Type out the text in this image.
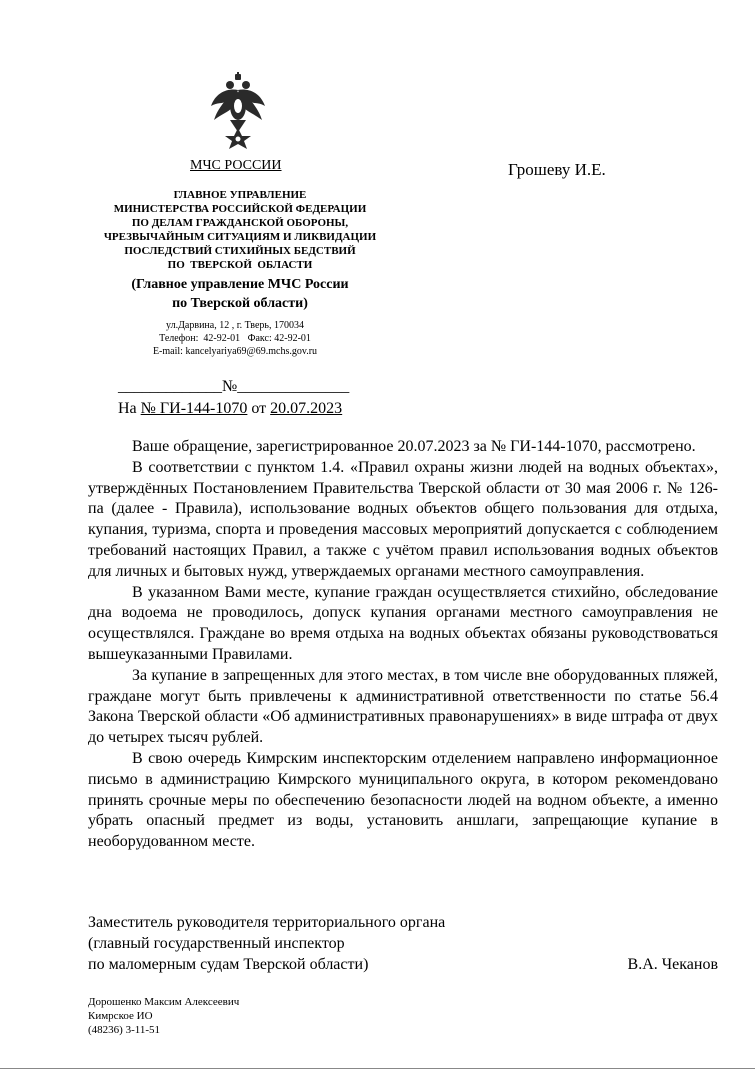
МЧС РОССИИ	Грошеву И.Е.
ГЛАВНОЕ УПРАВЛЕНИЕ
МИНИСТЕРСТВА РОССИЙСКОЙ ФЕДЕРАЦИИ
ПО ДЕЛАМ ГРАЖДАНСКОЙ ОБОРОНЫ,
ЧРЕЗВЫЧАЙНЫМ СИТУАЦИЯМ И ЛИКВИДАЦИИ
ПОСЛЕДСТВИЙ СТИХИЙНЫХ БЕДСТВИЙ
ПО  ТВЕРСКОЙ  ОБЛАСТИ
(Главное управление МЧС России
по Тверской области)
ул.Дарвина, 12 , г. Тверь, 170034
Телефон:  42-92-01   Факс: 42-92-01
E-mail: kancelyariya69@69.mchs.gov.ru
_____________№______________
На № ГИ-144-1070 от 20.07.2023

Ваше обращение, зарегистрированное 20.07.2023 за № ГИ-144-1070, рассмотрено.

В соответствии с пунктом 1.4. «Правил охраны жизни людей на водных объектах», утверждённых Постановлением Правительства Тверской области от 30 мая 2006 г. № 126-па (далее - Правила), использование водных объектов общего пользования для отдыха, купания, туризма, спорта и проведения массовых мероприятий допускается с соблюдением требований настоящих Правил, а также с учётом правил использования водных объектов для личных и бытовых нужд, утверждаемых органами местного самоуправления.

В указанном Вами месте, купание граждан осуществляется стихийно, обследование дна водоема не проводилось, допуск купания органами местного самоуправления не осуществлялся. Граждане во время отдыха на водных объектах обязаны руководствоваться вышеуказанными Правилами.

За купание в запрещенных для этого местах, в том числе вне оборудованных пляжей, граждане могут быть привлечены к административной ответственности по статье 56.4 Закона Тверской области «Об административных правонарушениях» в виде штрафа от двух до четырех тысяч рублей.

В свою очередь Кимрским инспекторским отделением направлено информационное письмо в администрацию Кимрского муниципального округа, в котором рекомендовано принять срочные меры по обеспечению безопасности людей на водном объекте, а именно убрать опасный предмет из воды, установить аншлаги, запрещающие купание в необорудованном месте.

Заместитель руководителя территориального органа
(главный государственный инспектор
по маломерным судам Тверской области)	В.А. Чеканов
Дорошенко Максим Алексеевич
Кимрское ИО
(48236) 3-11-51
